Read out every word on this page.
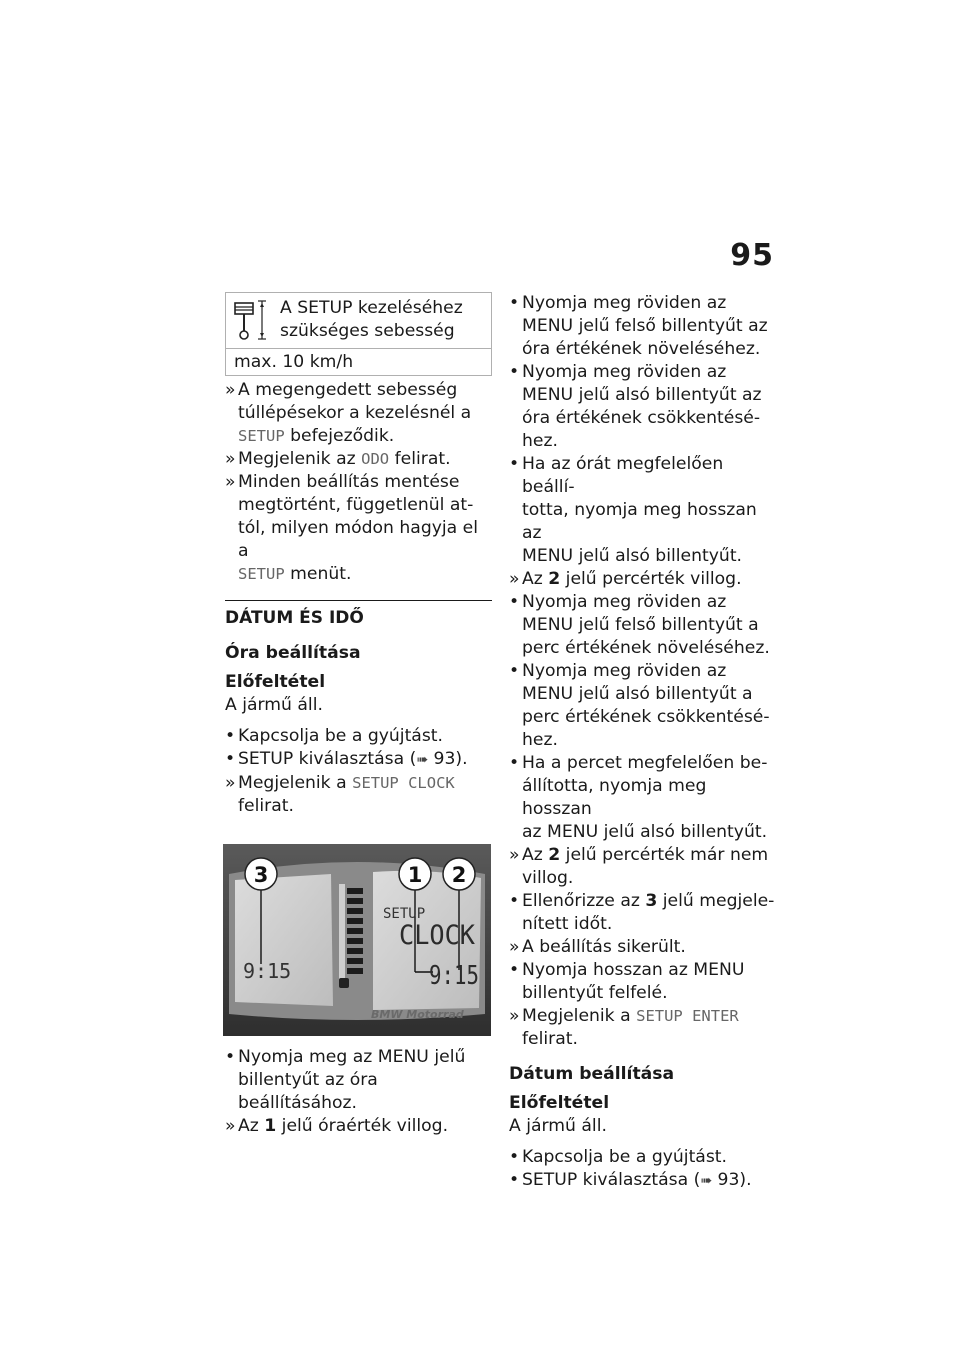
95
A SETUP kezeléséhez
szükséges sebesség
max. 10 km/h
» A megengedett sebesség
túllépésekor a kezelésnél a
SETUP befejeződik.
» Megjelenik az ODO felirat.
» Minden beállítás mentése
megtörtént, függetlenül at-
tól, milyen módon hagyja el a
SETUP menüt.
DÁTUM ÉS IDŐ
Óra beállítása
Előfeltétel
A jármű áll.
• Kapcsolja be a gyújtást.
• SETUP kiválasztása (➠ 93).
» Megjelenik a SETUP CLOCK
felirat.
3	1 2
SETUP
CLOCK
9:15	9:15
BMW Motorrad
• Nyomja meg az MENU jelű
billentyűt az óra beállításához.
» Az 1 jelű óraérték villog.
• Nyomja meg röviden az
MENU jelű felső billentyűt az
óra értékének növeléséhez.
• Nyomja meg röviden az
MENU jelű alsó billentyűt az
óra értékének csökkentésé-
hez.
• Ha az órát megfelelően beállí-
totta, nyomja meg hosszan az
MENU jelű alsó billentyűt.
» Az 2 jelű percérték villog.
• Nyomja meg röviden az
MENU jelű felső billentyűt a
perc értékének növeléséhez.
• Nyomja meg röviden az
MENU jelű alsó billentyűt a
perc értékének csökkentésé-
hez.
• Ha a percet megfelelően be-
állította, nyomja meg hosszan
az MENU jelű alsó billentyűt.
» Az 2 jelű percérték már nem
villog.
• Ellenőrizze az 3 jelű megjele-
nített időt.
» A beállítás sikerült.
• Nyomja hosszan az MENU
billentyűt felfelé.
» Megjelenik a SETUP ENTER
felirat.
Dátum beállítása
Előfeltétel
A jármű áll.
• Kapcsolja be a gyújtást.
• SETUP kiválasztása (➠ 93).
